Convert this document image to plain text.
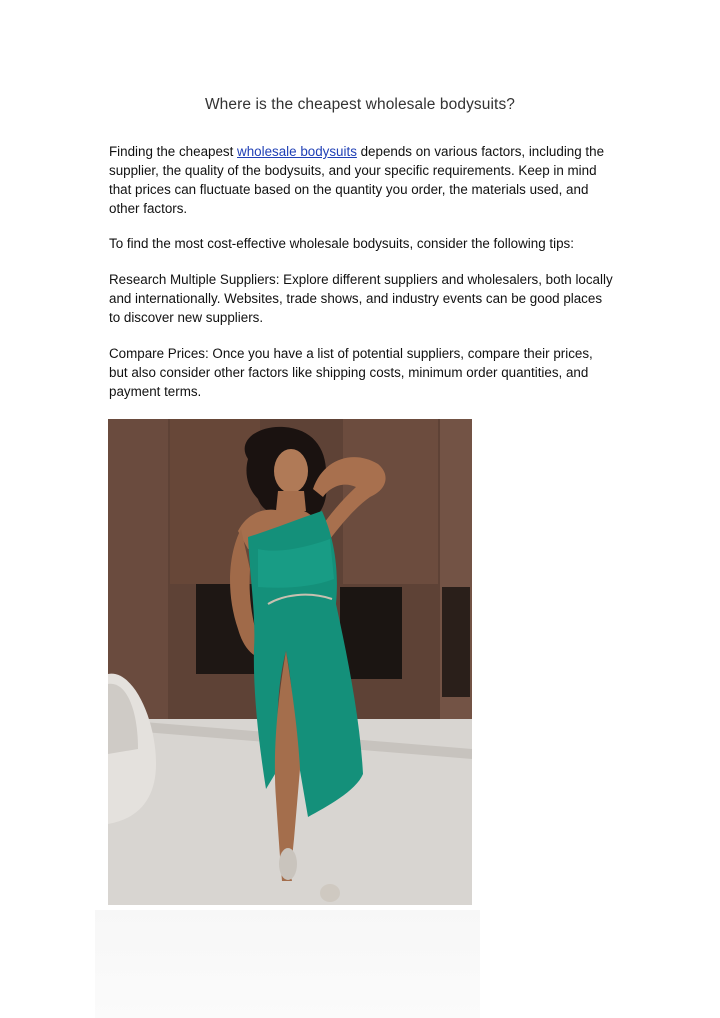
Where is the cheapest wholesale bodysuits?

Finding the cheapest wholesale bodysuits depends on various factors, including the supplier, the quality of the bodysuits, and your specific requirements. Keep in mind that prices can fluctuate based on the quantity you order, the materials used, and other factors.

To find the most cost-effective wholesale bodysuits, consider the following tips:

Research Multiple Suppliers: Explore different suppliers and wholesalers, both locally and internationally. Websites, trade shows, and industry events can be good places to discover new suppliers.

Compare Prices: Once you have a list of potential suppliers, compare their prices, but also consider other factors like shipping costs, minimum order quantities, and payment terms.
